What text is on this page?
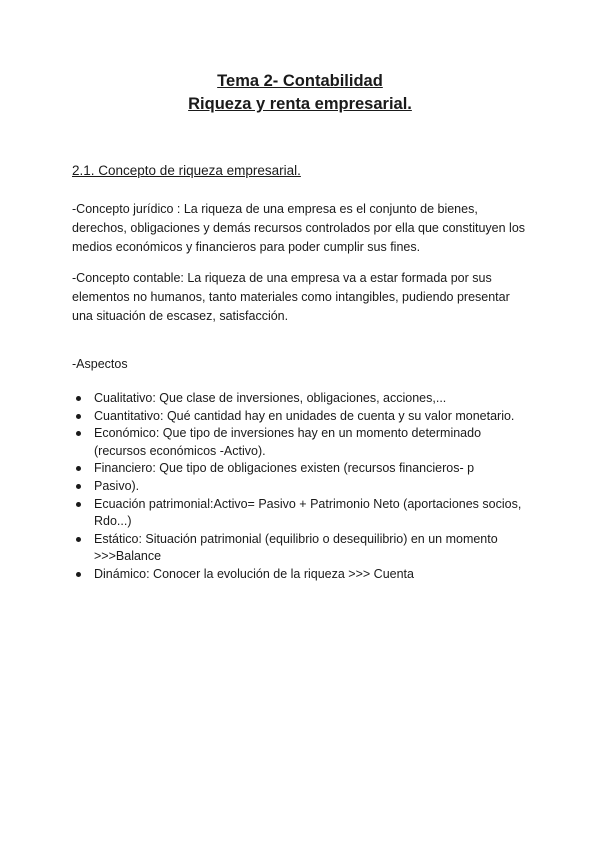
Tema 2- Contabilidad
Riqueza y renta empresarial.
2.1. Concepto de riqueza empresarial.

-Concepto jurídico : La riqueza de una empresa es el conjunto de bienes, derechos, obligaciones y demás recursos controlados por ella que constituyen los medios económicos y financieros para poder cumplir sus fines.

-Concepto contable: La riqueza de una empresa va a estar formada por sus elementos no humanos, tanto materiales como intangibles, pudiendo presentar una situación de escasez, satisfacción.

-Aspectos
Cualitativo: Que clase de inversiones, obligaciones, acciones,...
Cuantitativo: Qué cantidad hay en unidades de cuenta y su valor monetario.
Económico: Que tipo de inversiones hay en un momento determinado (recursos económicos -Activo).
Financiero: Que tipo de obligaciones existen (recursos financieros- p
Pasivo).
Ecuación patrimonial:Activo= Pasivo + Patrimonio Neto (aportaciones socios, Rdo...)
Estático: Situación patrimonial (equilibrio o desequilibrio) en un momento >>>Balance
Dinámico: Conocer la evolución de la riqueza >>> Cuenta
